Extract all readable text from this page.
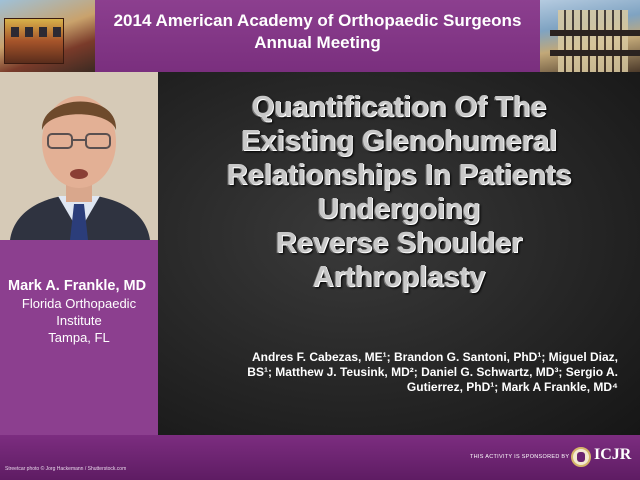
2014 American Academy of Orthopaedic Surgeons
Annual Meeting
Mark A. Frankle, MD
Florida Orthopaedic
Institute
Tampa, FL
Quantification Of The
Existing Glenohumeral
Relationships In Patients
Undergoing
Reverse Shoulder
Arthroplasty
Andres F. Cabezas, ME¹; Brandon G. Santoni, PhD¹; Miguel Diaz,
BS¹; Matthew J. Teusink, MD²; Daniel G. Schwartz, MD³; Sergio A.
Gutierrez, PhD¹; Mark A Frankle, MD⁴
Streetcar photo © Jorg Hackemann / Shutterstock.com
THIS ACTIVITY IS SPONSORED BY ICJR
